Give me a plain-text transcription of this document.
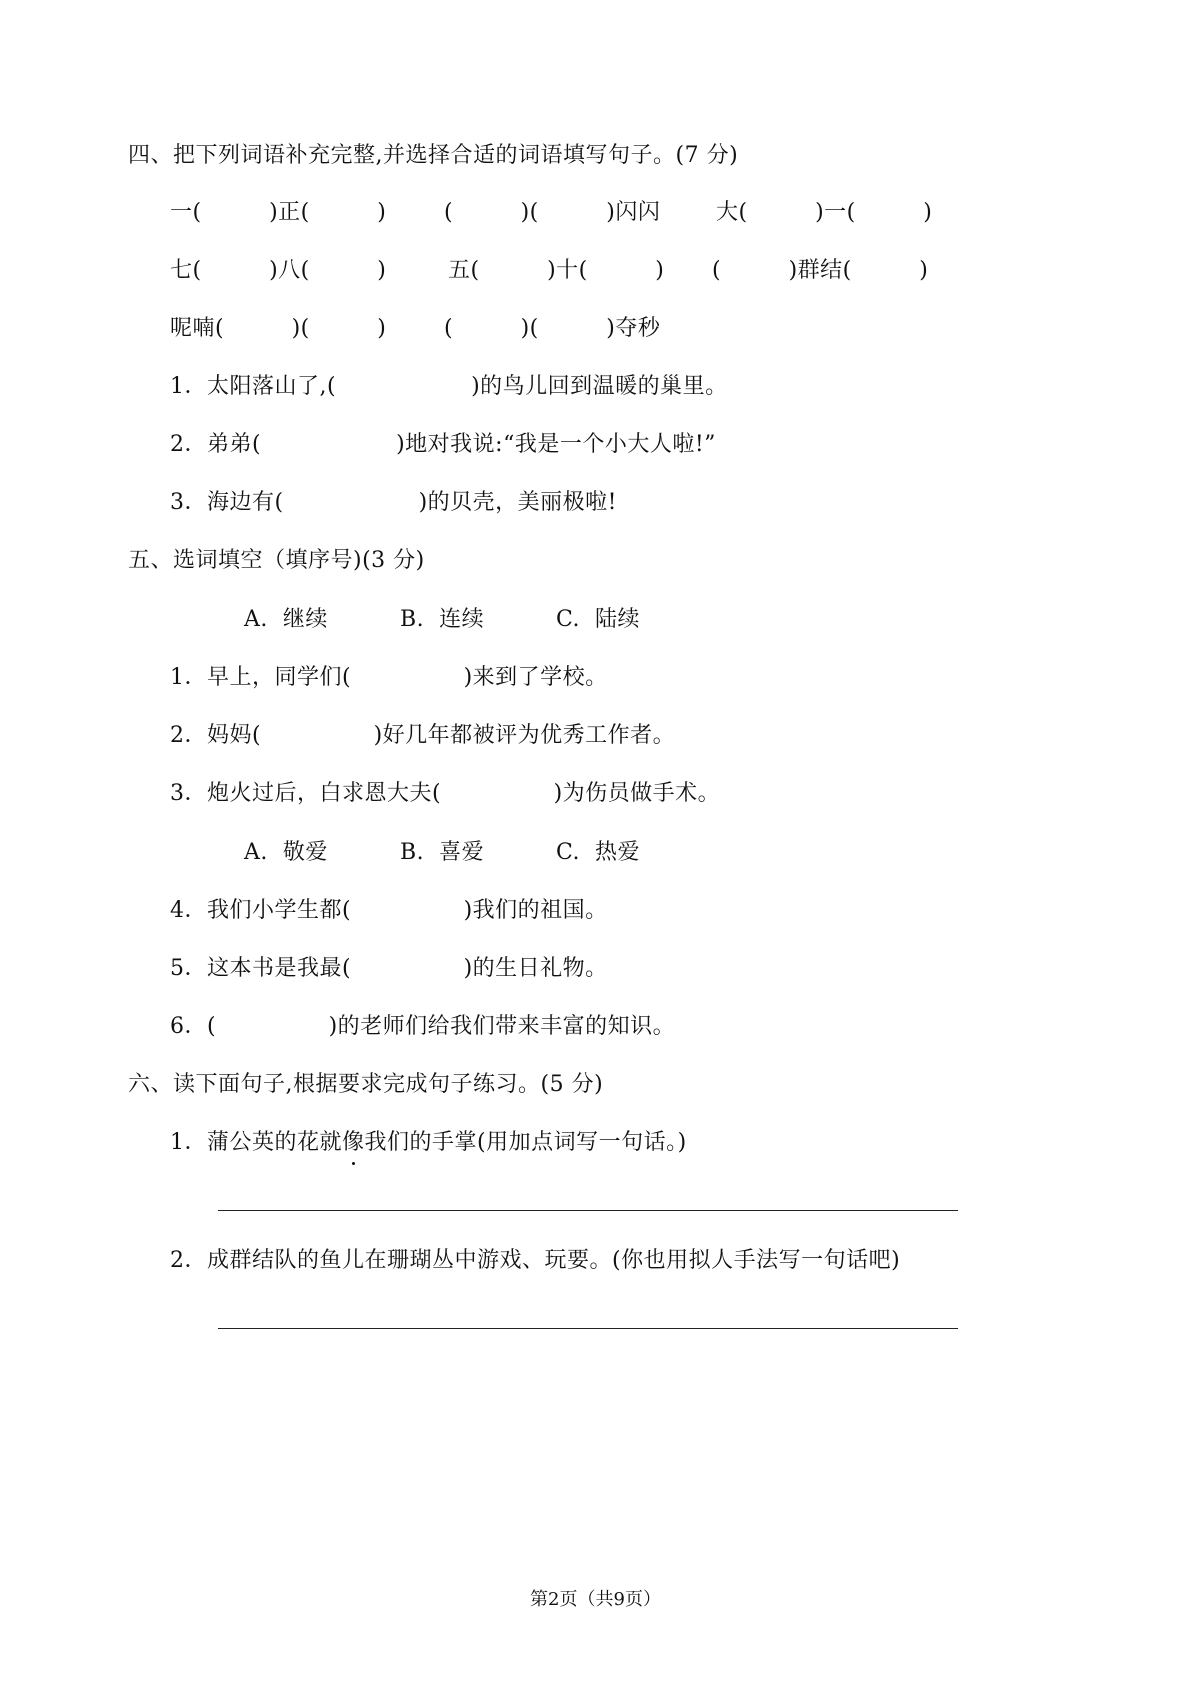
四、把下列词语补充完整,并选择合适的词语填写句子。(7 分)
一(　　　)正(　　　)	(　　　)(　　　)闪闪	大(　　　)一(　　　)
七(　　　)八(　　　)	五(　　　)十(　　　) (　　　)群结(　　　)
呢喃(　　　)(　　　)	(　　　)(　　　)夺秒
1．太阳落山了,(　　　　　　)的鸟儿回到温暖的巢里。
2．弟弟(　　　　　　)地对我说:“我是一个小大人啦!”
3．海边有(　　　　　　)的贝壳，美丽极啦!
五、选词填空（填序号)(3 分)
A.  继续	B.  连续	C.  陆续
1．早上，同学们(　　　　　)来到了学校。
2．妈妈(　　　　　)好几年都被评为优秀工作者。
3．炮火过后，白求恩大夫(　　　　　)为伤员做手术。
A.  敬爱	B.  喜爱	C.  热爱
4．我们小学生都(　　　　　)我们的祖国。
5．这本书是我最(　　　　　)的生日礼物。
6．(　　　　　)的老师们给我们带来丰富的知识。
六、读下面句子,根据要求完成句子练习。(5 分)
1．蒲公英的花就像
我们的手掌(用加点词写一句话。)
2．成群结队的鱼儿在珊瑚丛中游戏、玩要。(你也用拟人手法写一句话吧)
第2页（共9页）
